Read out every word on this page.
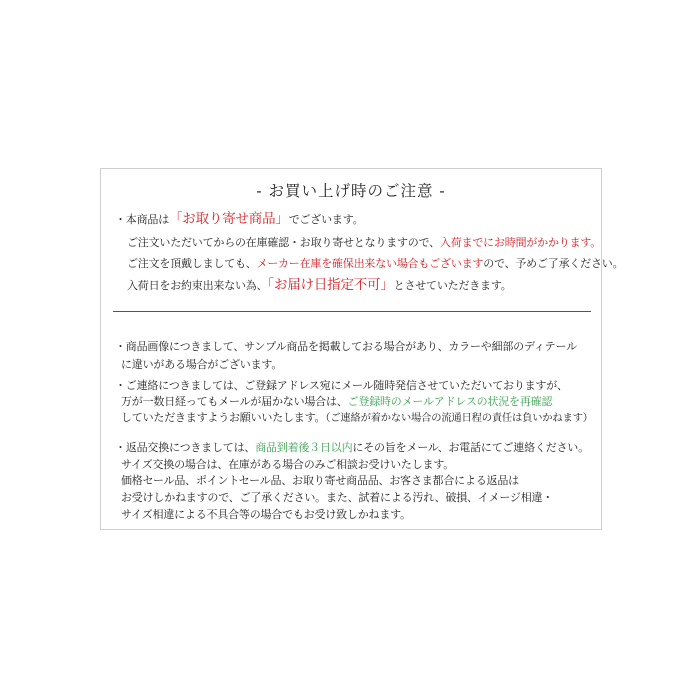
- お買い上げ時のご注意 -
・本商品は「お取り寄せ商品」でございます。
ご注文いただいてからの在庫確認・お取り寄せとなりますので、入荷までにお時間がかかります。
ご注文を頂戴しましても、メーカー在庫を確保出来ない場合もございますので、予めご了承ください。
入荷日をお約束出来ない為、「お届け日指定不可」とさせていただきます。
・商品画像につきまして、サンプル商品を掲載しておる場合があり、カラーや細部のディテール
に違いがある場合がございます。
・ご連絡につきましては、ご登録アドレス宛にメール随時発信させていただいておりますが、
万が一数日経ってもメールが届かない場合は、ご登録時のメールアドレスの状況を再確認
していただきますようお願いいたします。（ご連絡が着かない場合の流通日程の責任は負いかねます）
・返品交換につきましては、商品到着後３日以内にその旨をメール、お電話にてご連絡ください。
サイズ交換の場合は、在庫がある場合のみご相談お受けいたします。
価格セール品、ポイントセール品、お取り寄せ商品品、お客さま都合による返品は
お受けしかねますので、ご了承ください。また、試着による汚れ、破損、イメージ相違・
サイズ相違による不具合等の場合でもお受け致しかねます。
